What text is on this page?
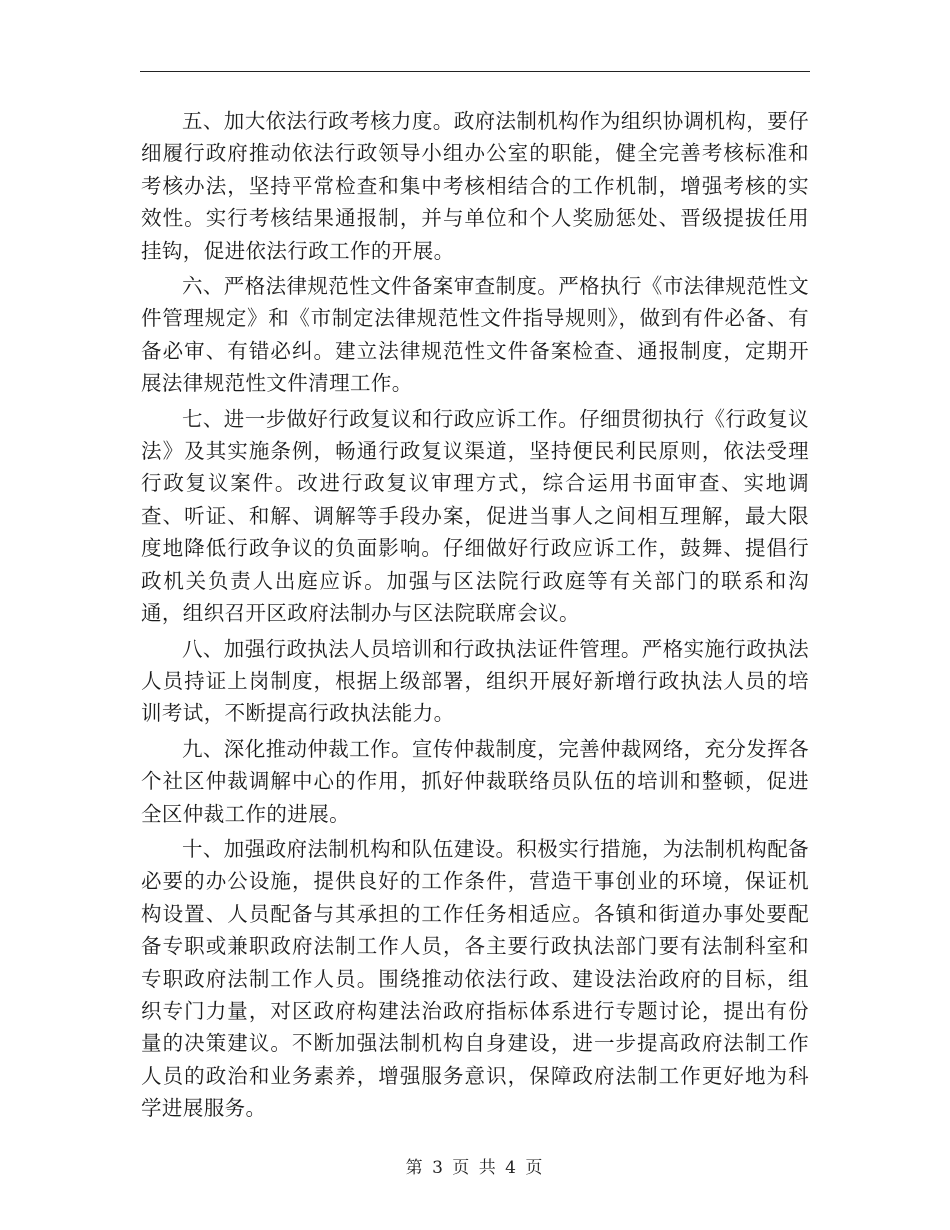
五、加大依法行政考核力度。政府法制机构作为组织协调机构，要仔细履行政府推动依法行政领导小组办公室的职能，健全完善考核标准和考核办法，坚持平常检查和集中考核相结合的工作机制，增强考核的实效性。实行考核结果通报制，并与单位和个人奖励惩处、晋级提拔任用挂钩，促进依法行政工作的开展。

六、严格法律规范性文件备案审查制度。严格执行《市法律规范性文件管理规定》和《市制定法律规范性文件指导规则》，做到有件必备、有备必审、有错必纠。建立法律规范性文件备案检查、通报制度，定期开展法律规范性文件清理工作。

七、进一步做好行政复议和行政应诉工作。仔细贯彻执行《行政复议法》及其实施条例，畅通行政复议渠道，坚持便民利民原则，依法受理行政复议案件。改进行政复议审理方式，综合运用书面审查、实地调查、听证、和解、调解等手段办案，促进当事人之间相互理解，最大限度地降低行政争议的负面影响。仔细做好行政应诉工作，鼓舞、提倡行政机关负责人出庭应诉。加强与区法院行政庭等有关部门的联系和沟通，组织召开区政府法制办与区法院联席会议。

八、加强行政执法人员培训和行政执法证件管理。严格实施行政执法人员持证上岗制度，根据上级部署，组织开展好新增行政执法人员的培训考试，不断提高行政执法能力。

九、深化推动仲裁工作。宣传仲裁制度，完善仲裁网络，充分发挥各个社区仲裁调解中心的作用，抓好仲裁联络员队伍的培训和整顿，促进全区仲裁工作的进展。

十、加强政府法制机构和队伍建设。积极实行措施，为法制机构配备必要的办公设施，提供良好的工作条件，营造干事创业的环境，保证机构设置、人员配备与其承担的工作任务相适应。各镇和街道办事处要配备专职或兼职政府法制工作人员，各主要行政执法部门要有法制科室和专职政府法制工作人员。围绕推动依法行政、建设法治政府的目标，组织专门力量，对区政府构建法治政府指标体系进行专题讨论，提出有份量的决策建议。不断加强法制机构自身建设，进一步提高政府法制工作人员的政治和业务素养，增强服务意识，保障政府法制工作更好地为科学进展服务。

第 3 页 共 4 页
